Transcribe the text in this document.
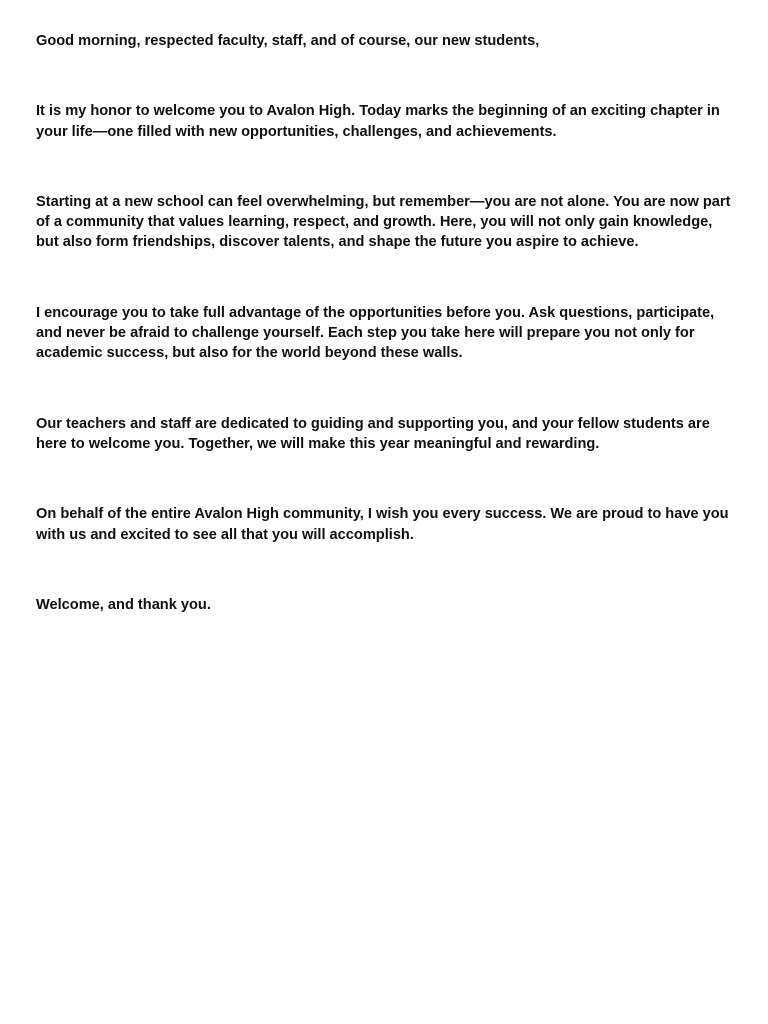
Good morning, respected faculty, staff, and of course, our new students,

It is my honor to welcome you to Avalon High. Today marks the beginning of an exciting chapter in your life—one filled with new opportunities, challenges, and achievements.

Starting at a new school can feel overwhelming, but remember—you are not alone. You are now part of a community that values learning, respect, and growth. Here, you will not only gain knowledge, but also form friendships, discover talents, and shape the future you aspire to achieve.

I encourage you to take full advantage of the opportunities before you. Ask questions, participate, and never be afraid to challenge yourself. Each step you take here will prepare you not only for academic success, but also for the world beyond these walls.

Our teachers and staff are dedicated to guiding and supporting you, and your fellow students are here to welcome you. Together, we will make this year meaningful and rewarding.

On behalf of the entire Avalon High community, I wish you every success. We are proud to have you with us and excited to see all that you will accomplish.

Welcome, and thank you.
